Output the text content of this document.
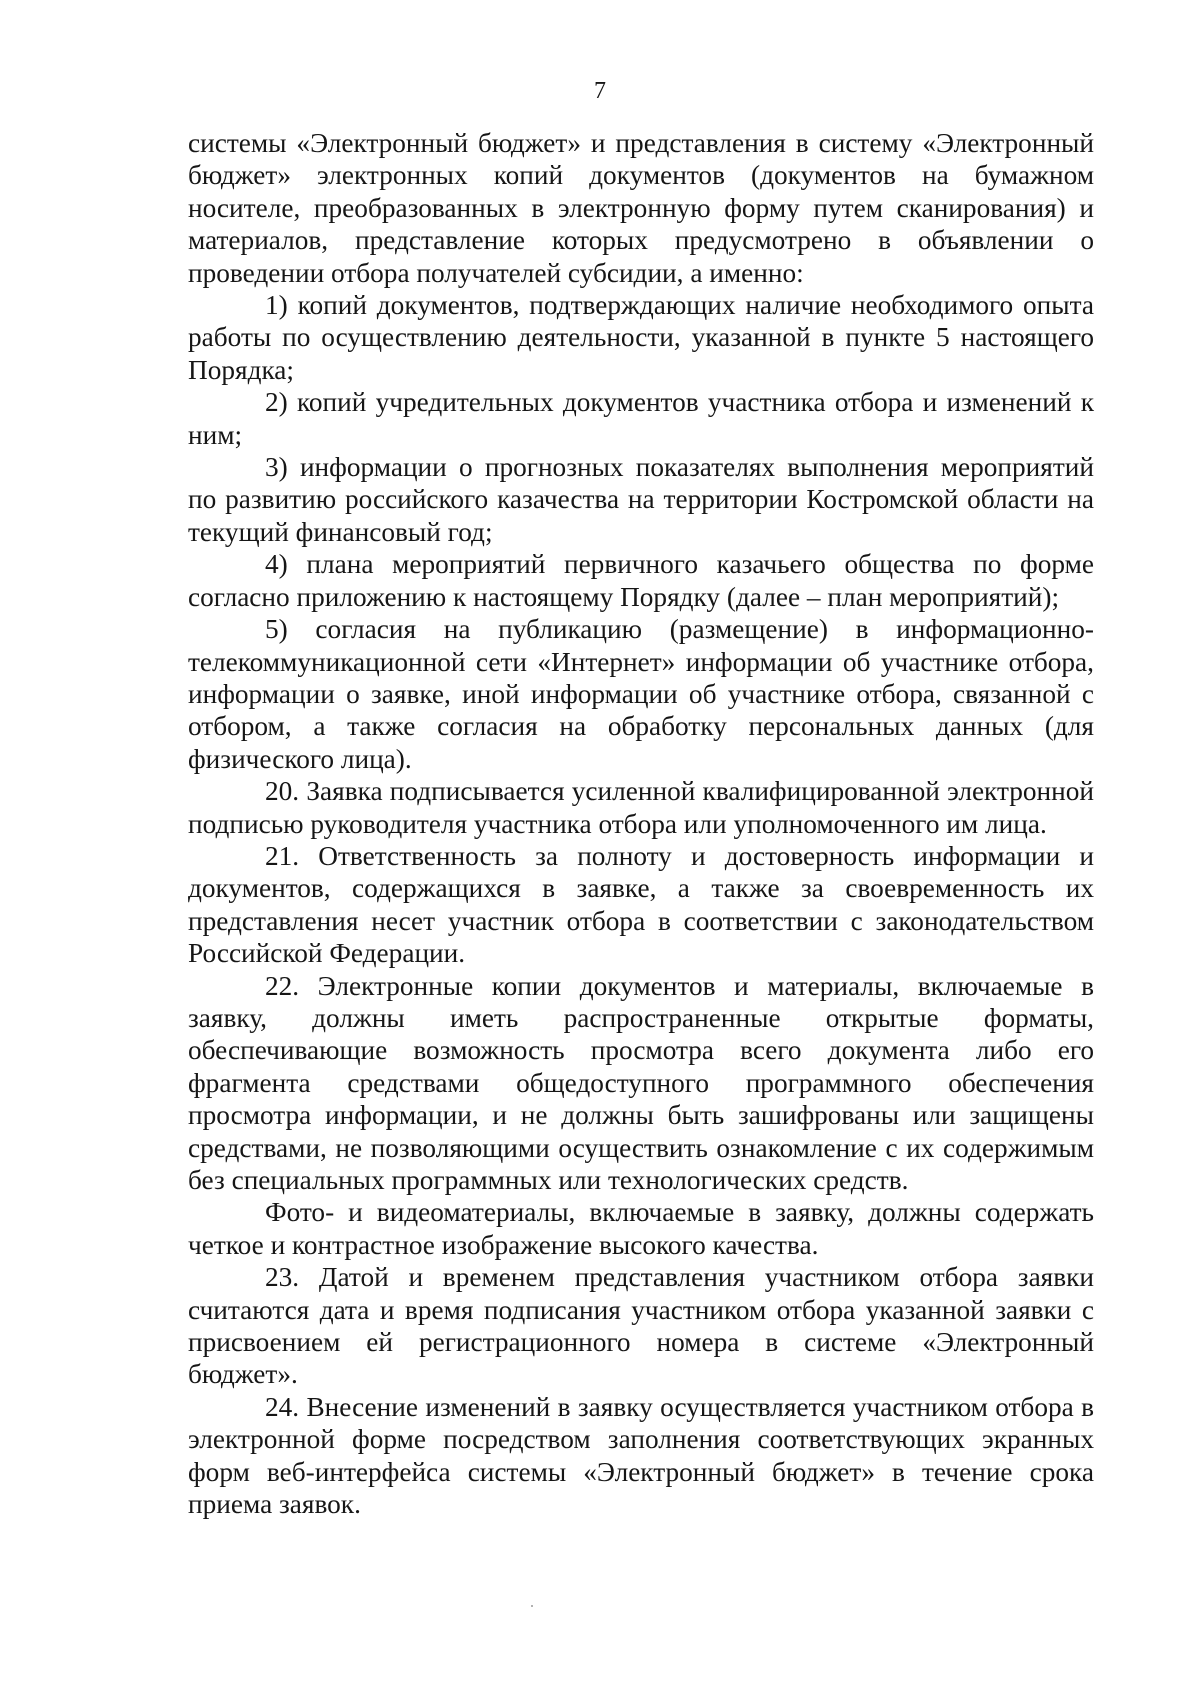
7

системы «Электронный бюджет» и представления в систему «Электронный бюджет» электронных копий документов (документов на бумажном носителе, преобразованных в электронную форму путем сканирования) и материалов, представление которых предусмотрено в объявлении о проведении отбора получателей субсидии, а именно:

1) копий документов, подтверждающих наличие необходимого опыта работы по осуществлению деятельности, указанной в пункте 5 настоящего Порядка;

2) копий учредительных документов участника отбора и изменений к ним;

3) информации о прогнозных показателях выполнения мероприятий по развитию российского казачества на территории Костромской области на текущий финансовый год;

4) плана мероприятий первичного казачьего общества по форме согласно приложению к настоящему Порядку (далее – план мероприятий);

5) согласия на публикацию (размещение) в информационно-телекоммуникационной сети «Интернет» информации об участнике отбора, информации о заявке, иной информации об участнике отбора, связанной с отбором, а также согласия на обработку персональных данных (для физического лица).

20. Заявка подписывается усиленной квалифицированной электронной подписью руководителя участника отбора или уполномоченного им лица.

21. Ответственность за полноту и достоверность информации и документов, содержащихся в заявке, а также за своевременность их представления несет участник отбора в соответствии с законодательством Российской Федерации.

22. Электронные копии документов и материалы, включаемые в заявку, должны иметь распространенные открытые форматы, обеспечивающие возможность просмотра всего документа либо его фрагмента средствами общедоступного программного обеспечения просмотра информации, и не должны быть зашифрованы или защищены средствами, не позволяющими осуществить ознакомление с их содержимым без специальных программных или технологических средств.

Фото- и видеоматериалы, включаемые в заявку, должны содержать четкое и контрастное изображение высокого качества.

23. Датой и временем представления участником отбора заявки считаются дата и время подписания участником отбора указанной заявки с присвоением ей регистрационного номера в системе «Электронный бюджет».

24. Внесение изменений в заявку осуществляется участником отбора в электронной форме посредством заполнения соответствующих экранных форм веб-интерфейса системы «Электронный бюджет» в течение срока приема заявок.
